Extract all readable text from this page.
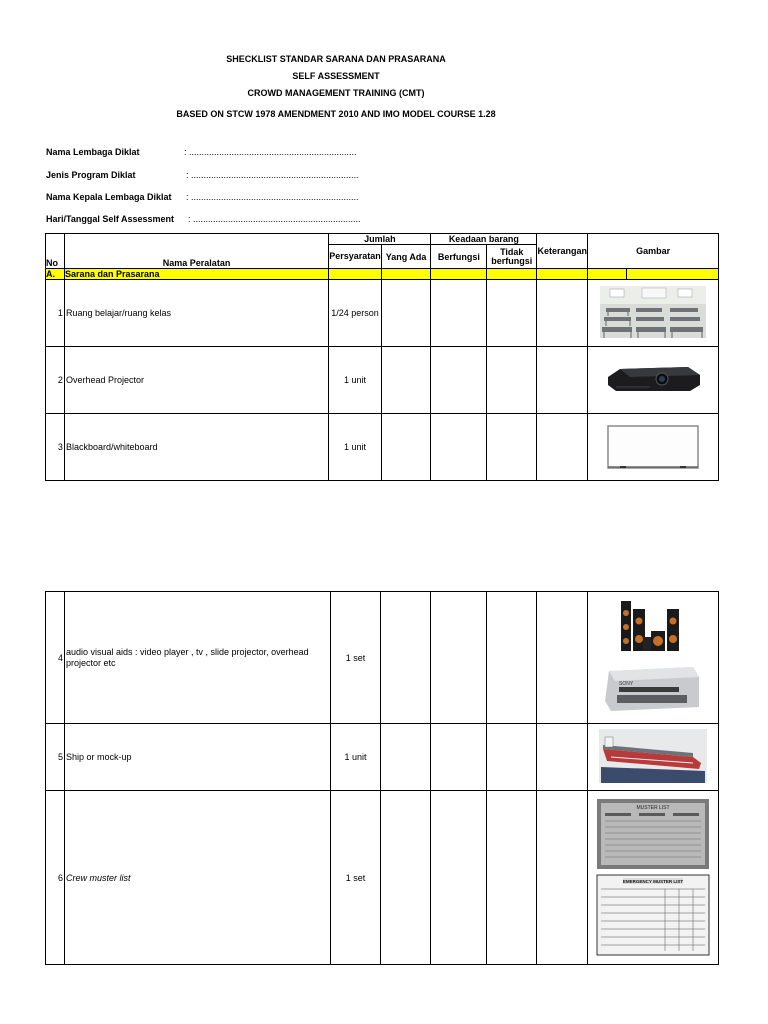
SHECKLIST STANDAR SARANA DAN PRASARANA
SELF ASSESSMENT
CROWD MANAGEMENT TRAINING (CMT)
BASED ON STCW 1978 AMENDMENT 2010 AND IMO MODEL COURSE 1.28
Nama Lembaga Diklat	: ...................................................................
Jenis Program Diklat	: ...................................................................
Nama Kepala Lembaga Diklat : ...................................................................
Hari/Tanggal Self Assessment : ...................................................................
No	Nama Peralatan	Jumlah		Keadaan barang		Keterangan	Gambar	
		Persyaratan	Yang Ada	Berfungsi	Tidak berfungsi			
A.	Sarana dan Prasarana							
1	Ruang belajar/ruang kelas	1/24 person					
2	Overhead Projector	1 unit					
3	Blackboard/whiteboard	1 unit					
4	audio visual aids : video player , tv , slide projector, overhead projector etc	1 set					SONY

5	Ship or mock-up	1 unit					
6	Crew muster list	1 set					MUSTER LIST
EMERGENCY MUSTER LIST
